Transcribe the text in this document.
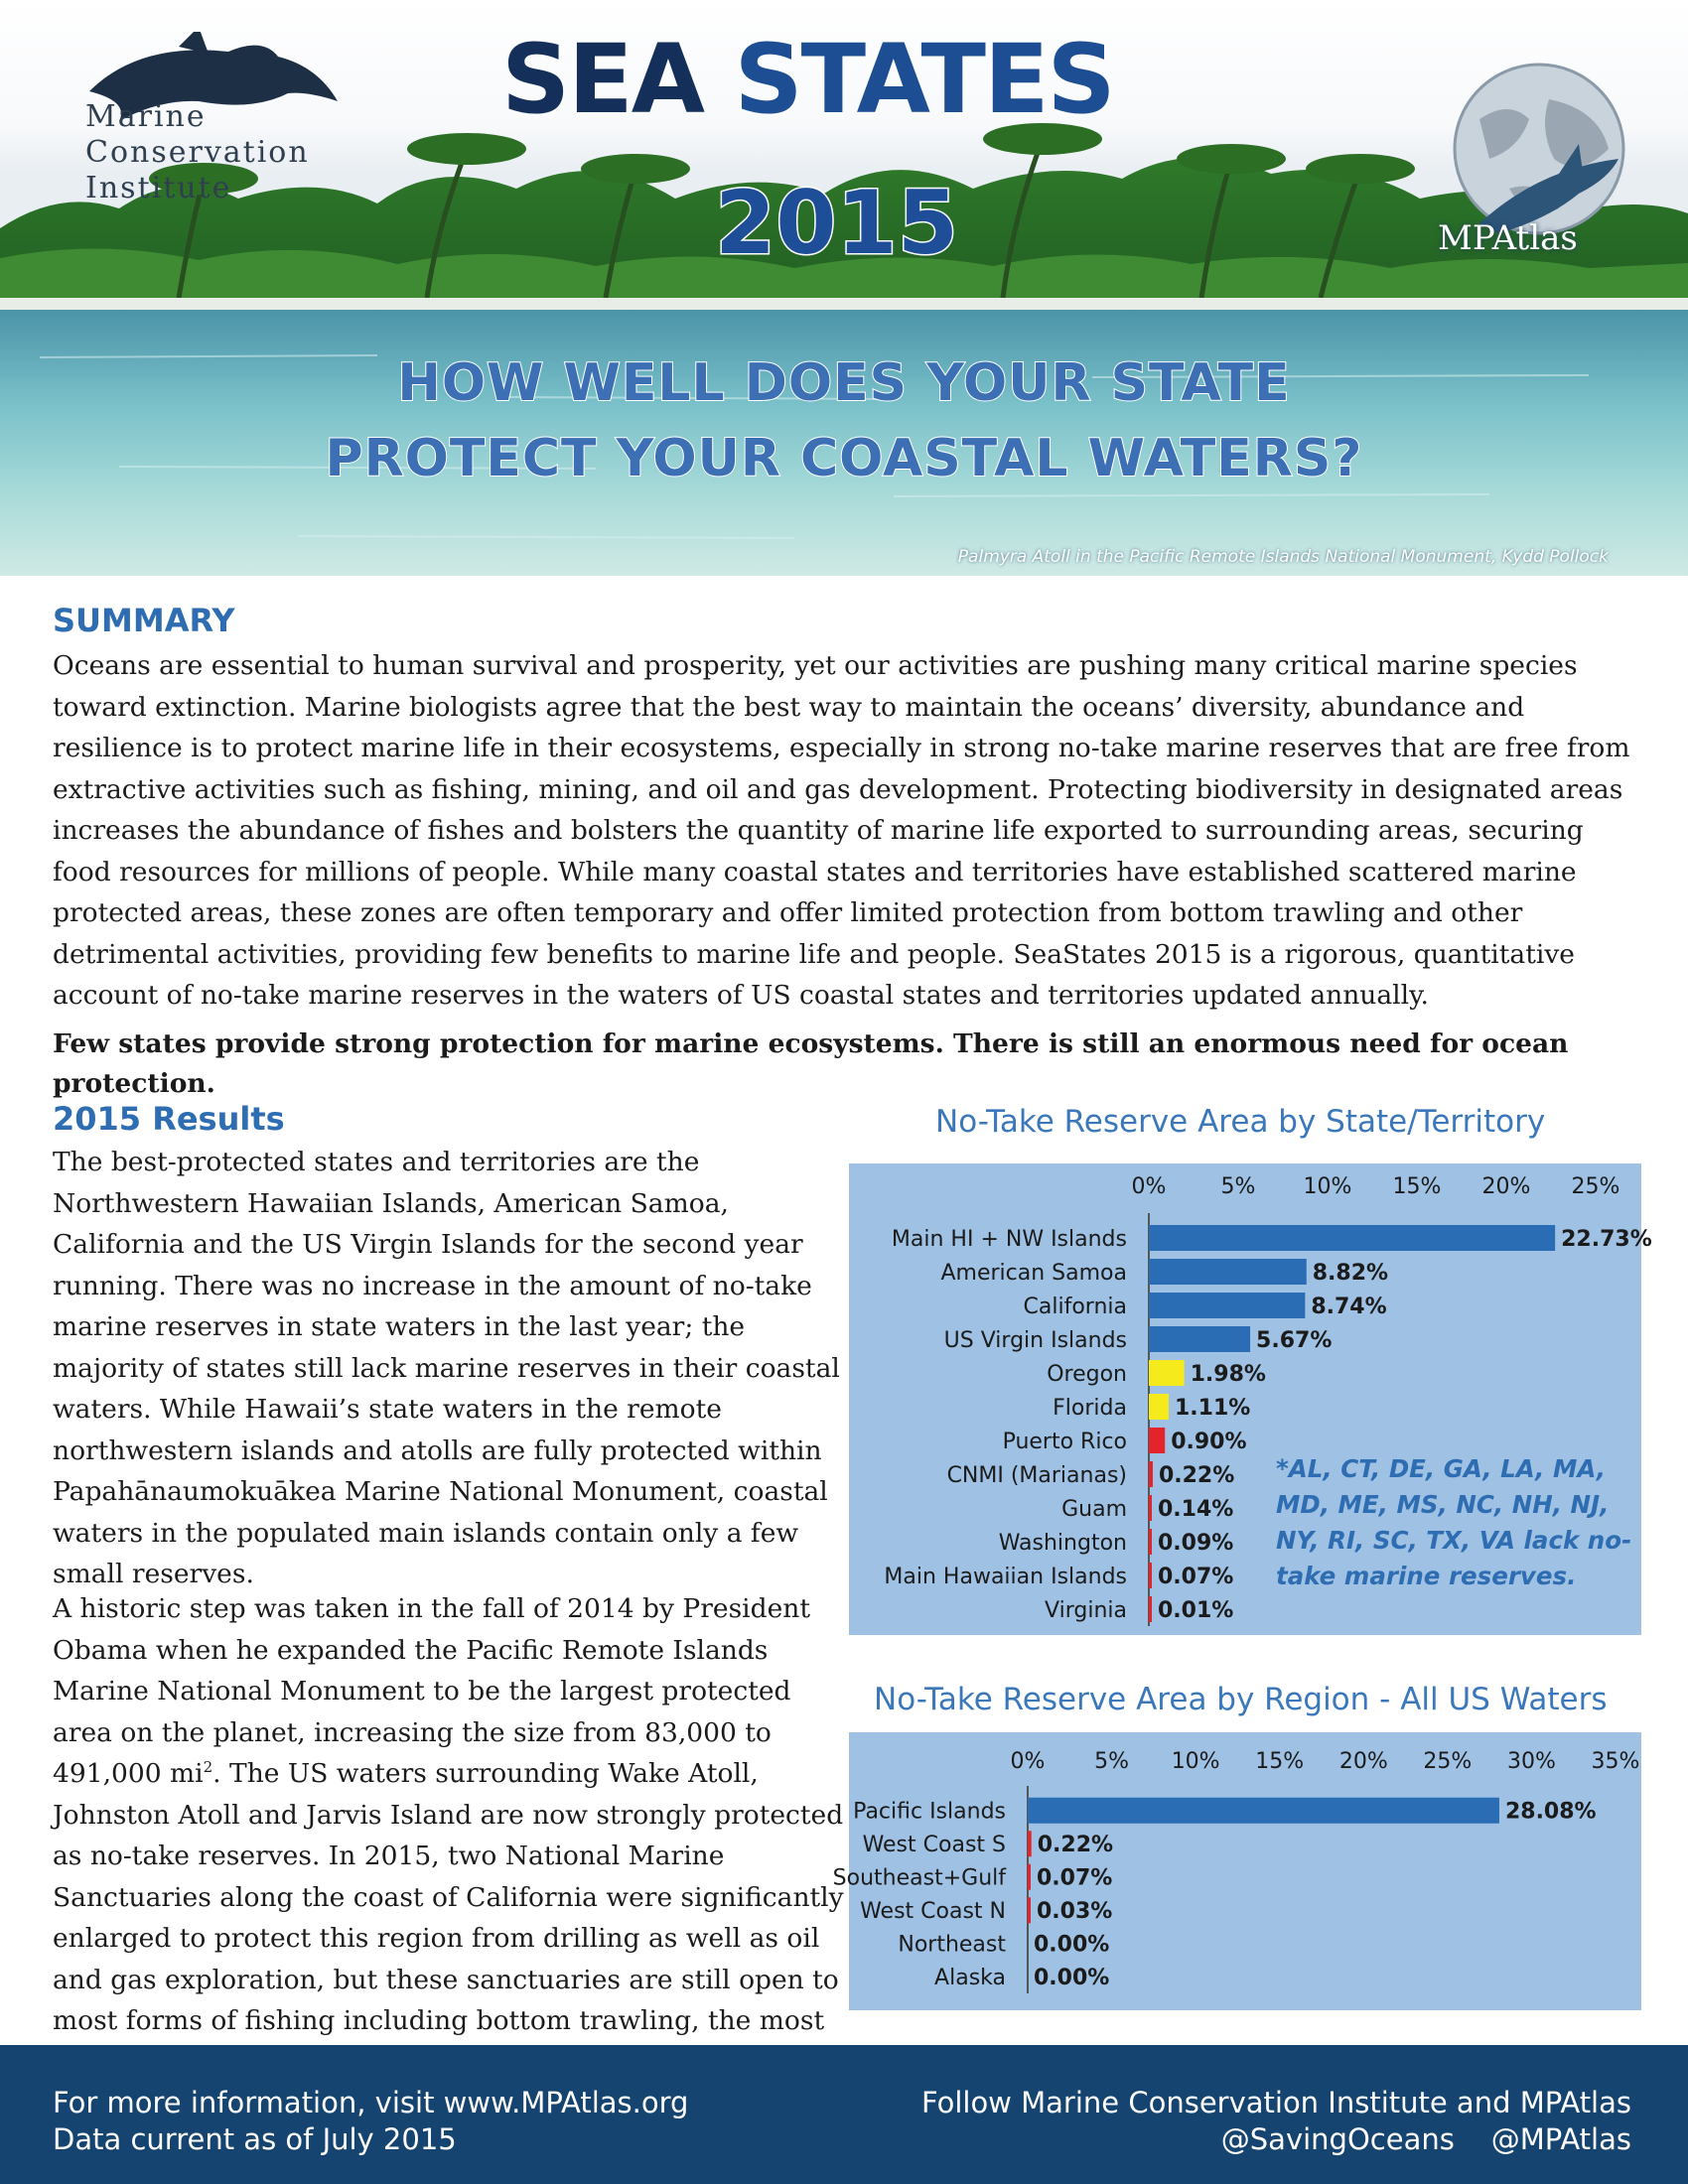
Marine
Conservation
Institute
SEA STATES
2015	MPAtlas
HOW WELL DOES YOUR STATE
PROTECT YOUR COASTAL WATERS?
Palmyra Atoll in the Pacific Remote Islands National Monument, Kydd Pollock
SUMMARY

Oceans are essential to human survival and prosperity, yet our activities are pushing many critical marine species toward extinction. Marine biologists agree that the best way to maintain the oceans’ diversity, abundance and resilience is to protect marine life in their ecosystems, especially in strong no-take marine reserves that are free from extractive activities such as fishing, mining, and oil and gas development. Protecting biodiversity in designated areas increases the abundance of fishes and bolsters the quantity of marine life exported to surrounding areas, securing food resources for millions of people. While many coastal states and territories have established scattered marine protected areas, these zones are often temporary and offer limited protection from bottom trawling and other detrimental activities, providing few benefits to marine life and people. SeaStates 2015 is a rigorous, quantitative account of no-take marine reserves in the waters of US coastal states and territories updated annually.

Few states provide strong protection for marine ecosystems. There is still an enormous need for ocean protection.

2015 Results

The best-protected states and territories are the Northwestern Hawaiian Islands, American Samoa, California and the US Virgin Islands for the second year running. There was no increase in the amount of no-take marine reserves in state waters in the last year; the majority of states still lack marine reserves in their coastal waters. While Hawaii’s state waters in the remote northwestern islands and atolls are fully protected within Papahānaumokuākea Marine National Monument, coastal waters in the populated main islands contain only a few small reserves.

A historic step was taken in the fall of 2014 by President Obama when he expanded the Pacific Remote Islands Marine National Monument to be the largest protected area on the planet, increasing the size from 83,000 to 491,000 $mi^2$. The US waters surrounding Wake Atoll, Johnston Atoll and Jarvis Island are now strongly protected as no-take reserves. In 2015, two National Marine Sanctuaries along the coast of California were significantly enlarged to protect this region from drilling as well as oil and gas exploration, but these sanctuaries are still open to most forms of fishing including bottom trawling, the most

No-Take Reserve Area by State/Territory
0%	5% 10% 15% 20% 25%
Main HI + NW Islands	22.73%
American Samoa	8.82%
California	8.74%
US Virgin Islands	5.67%
Oregon	1.98%
Florida 1.11%
Puerto Rico 0.90%
CNMI (Marianas) 0.22%
Guam 0.14%
Washington 0.09%
Main Hawaiian Islands 0.07%
Virginia 0.01%
*AL, CT, DE, GA, LA, MA, MD, ME, MS, NC, NH, NJ, NY, RI, SC, TX, VA lack no-take marine reserves.
No-Take Reserve Area by Region - All US Waters
0% 5% 10% 15% 20% 25% 30% 35%
Pacific Islands	28.08%
West Coast S 0.22%
Southeast+Gulf 0.07%
West Coast N 0.03%
Northeast 0.00%
Alaska 0.00%
For more information, visit www.MPAtlas.org
Data current as of July 2015
Follow Marine Conservation Institute and MPAtlas
@SavingOceans    @MPAtlas
